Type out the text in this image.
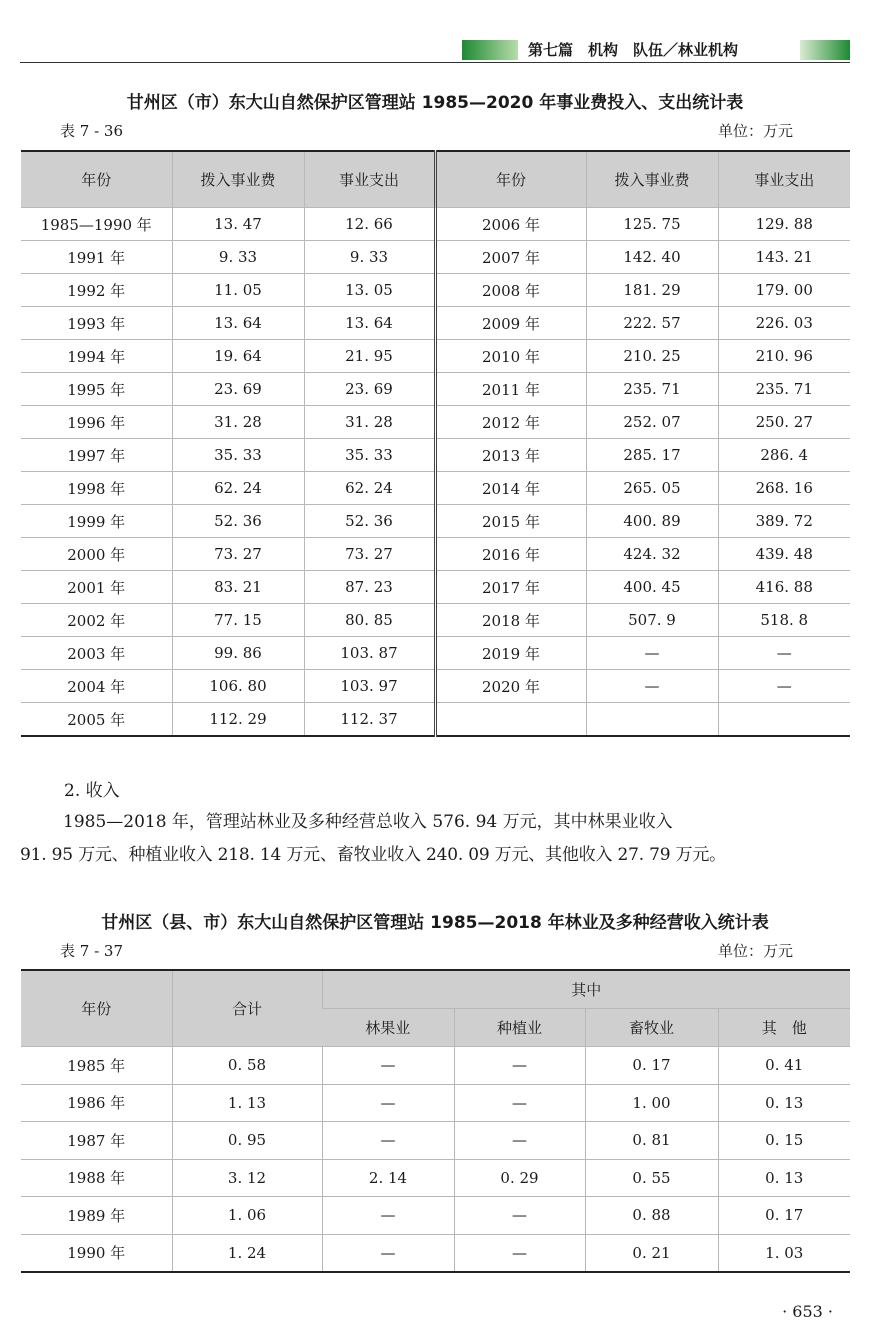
第七篇　机构　队伍／林业机构
甘州区（市）东大山自然保护区管理站 1985—2020 年事业费投入、支出统计表
表 7 - 36	单位：万元
年份	拨入事业费	事业支出	年份	拨入事业费	事业支出
1985—1990 年	13. 47	12. 66	2006 年	125. 75	129. 88
1991 年	9. 33	9. 33	2007 年	142. 40	143. 21
1992 年	11. 05	13. 05	2008 年	181. 29	179. 00
1993 年	13. 64	13. 64	2009 年	222. 57	226. 03
1994 年	19. 64	21. 95	2010 年	210. 25	210. 96
1995 年	23. 69	23. 69	2011 年	235. 71	235. 71
1996 年	31. 28	31. 28	2012 年	252. 07	250. 27
1997 年	35. 33	35. 33	2013 年	285. 17	286. 4
1998 年	62. 24	62. 24	2014 年	265. 05	268. 16
1999 年	52. 36	52. 36	2015 年	400. 89	389. 72
2000 年	73. 27	73. 27	2016 年	424. 32	439. 48
2001 年	83. 21	87. 23	2017 年	400. 45	416. 88
2002 年	77. 15	80. 85	2018 年	507. 9	518. 8
2003 年	99. 86	103. 87	2019 年	—	—
2004 年	106. 80	103. 97	2020 年	—	—
2005 年	112. 29	112. 37			
2. 收入
1985—2018 年，管理站林业及多种经营总收入 576. 94 万元，其中林果业收入
91. 95 万元、种植业收入 218. 14 万元、畜牧业收入 240. 09 万元、其他收入 27. 79 万元。
甘州区（县、市）东大山自然保护区管理站 1985—2018 年林业及多种经营收入统计表
表 7 - 37	单位：万元
年份	合计	其中			
		林果业	种植业	畜牧业	其　他
1985 年	0. 58	—	—	0. 17	0. 41
1986 年	1. 13	—	—	1. 00	0. 13
1987 年	0. 95	—	—	0. 81	0. 15
1988 年	3. 12	2. 14	0. 29	0. 55	0. 13
1989 年	1. 06	—	—	0. 88	0. 17
1990 年	1. 24	—	—	0. 21	1. 03
· 653 ·
